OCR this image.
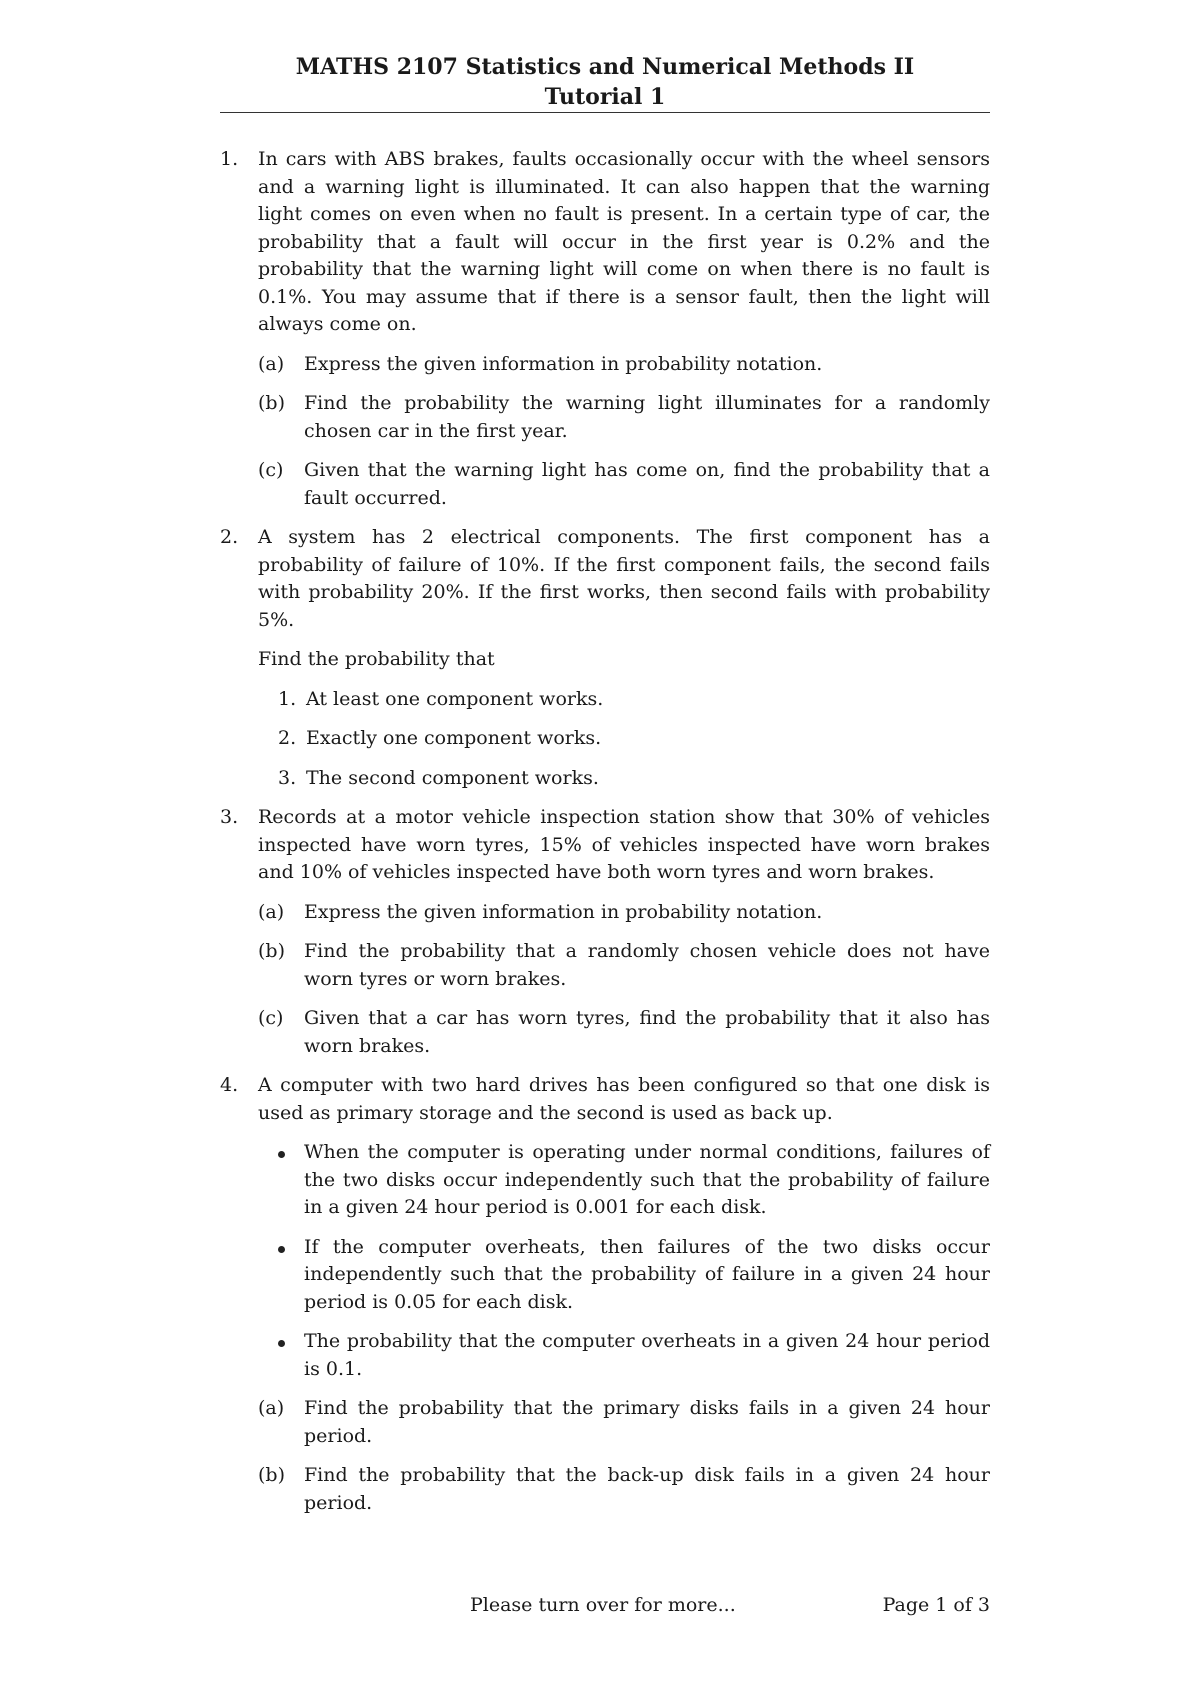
MATHS 2107 Statistics and Numerical Methods II
Tutorial 1
1.	In cars with ABS brakes, faults occasionally occur with the wheel sensors and a warning light is illuminated. It can also happen that the warning light comes on even when no fault is present. In a certain type of car, the probability that a fault will occur in the first year is 0.2% and the probability that the warning light will come on when there is no fault is 0.1%. You may assume that if there is a sensor fault, then the light will always come on.

(a)	Express the given information in probability notation.
(b)	Find the probability the warning light illuminates for a randomly chosen car in the first year.
(c)	Given that the warning light has come on, find the probability that a fault occurred.
2.	A system has 2 electrical components. The first component has a probability of failure of 10%. If the first component fails, the second fails with probability 20%. If the first works, then second fails with probability 5%.

Find the probability that

1. At least one component works.
2. Exactly one component works.
3. The second component works.
3.	Records at a motor vehicle inspection station show that 30% of vehicles inspected have worn tyres, 15% of vehicles inspected have worn brakes and 10% of vehicles inspected have both worn tyres and worn brakes.

(a)	Express the given information in probability notation.
(b)	Find the probability that a randomly chosen vehicle does not have worn tyres or worn brakes.
(c)	Given that a car has worn tyres, find the probability that it also has worn brakes.
4.	A computer with two hard drives has been configured so that one disk is used as primary storage and the second is used as back up.

When the computer is operating under normal conditions, failures of the two disks occur independently such that the probability of failure in a given 24 hour period is 0.001 for each disk.
If the computer overheats, then failures of the two disks occur independently such that the probability of failure in a given 24 hour period is 0.05 for each disk.
The probability that the computer overheats in a given 24 hour period is 0.1.
(a)	Find the probability that the primary disks fails in a given 24 hour period.
(b)	Find the probability that the back-up disk fails in a given 24 hour period.
Please turn over for more...	Page 1 of 3
